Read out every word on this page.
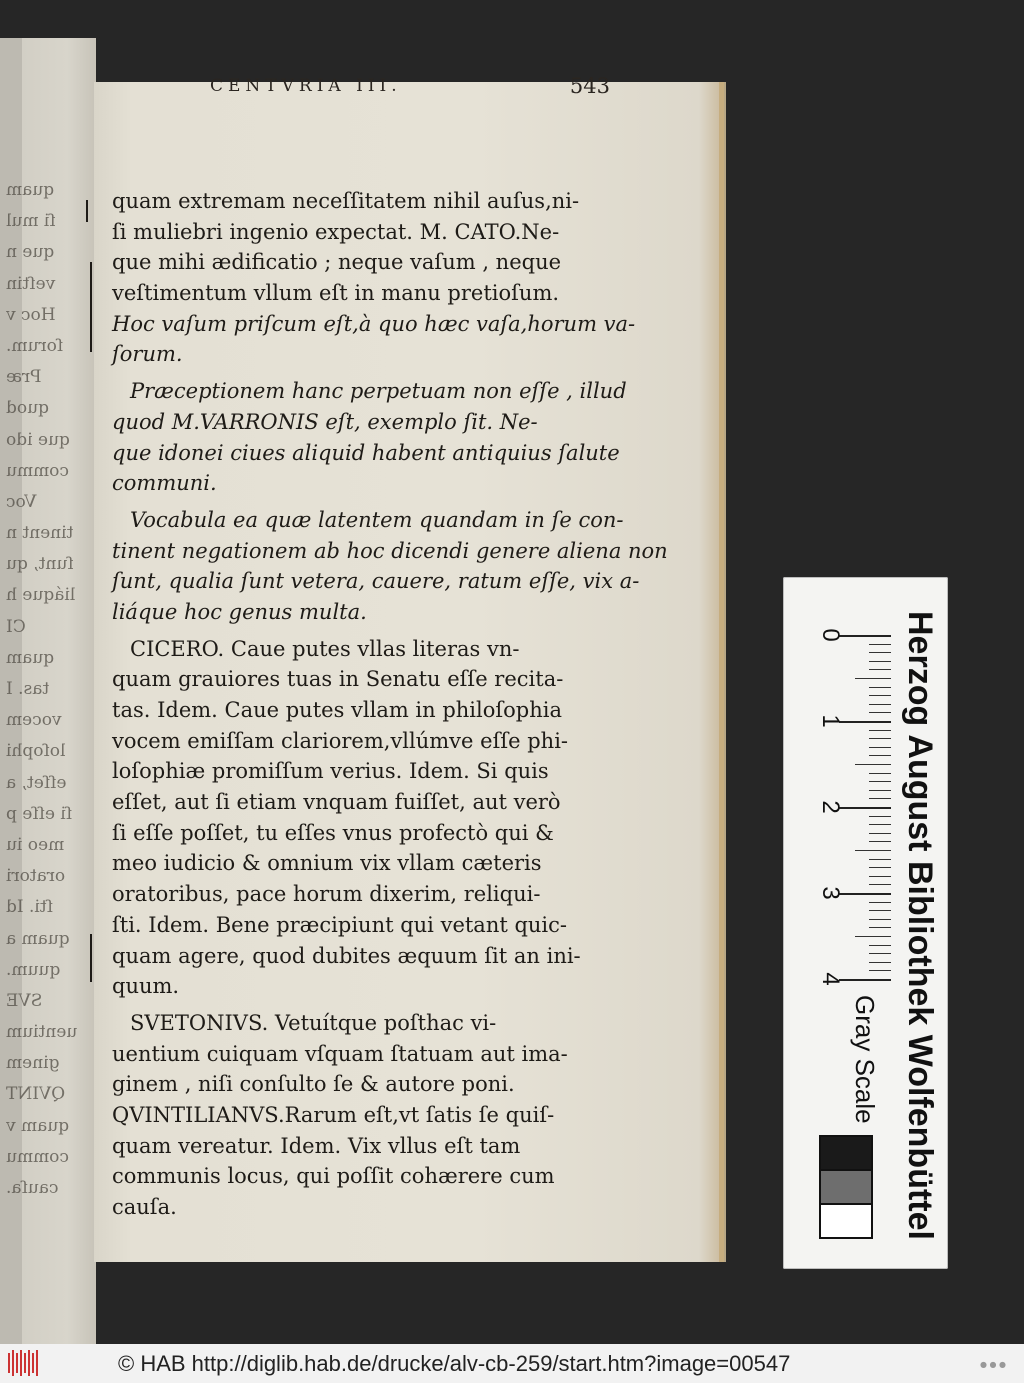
quam
ſi mul
que n
veſtin
Hoc v
ſorum.
Præ
quod
que ido
commu
Voc
tinent n
ſunt, qu
liáque h
CI
quam
tas. I
vocem
loſophi
eſſet, a
ſi eſſe p
meo iu
oratori
ſti. Id
quam a
quum.
SVE
uentium
ginem
QVINT
quam v
commu
cauſa.
CENTVRIA III.	543
quam extremam neceſſitatem nihil auſus,ni-
ſi muliebri ingenio expectat. M. CATO.Ne-
que mihi ædificatio ; neque vaſum , neque
veſtimentum vllum eſt in manu pretioſum.
Hoc vaſum priſcum eſt,à quo hæc vaſa,horum va-
ſorum.
Præceptionem hanc perpetuam non eſſe , illud
quod M.VARRONIS eſt, exemplo ſit. Ne-
que idonei ciues aliquid habent antiquius ſalute
communi.
Vocabula ea quæ latentem quandam in ſe con-
tinent negationem ab hoc dicendi genere aliena non
ſunt, qualia ſunt vetera, cauere, ratum eſſe, vix a-
liáque hoc genus multa.
CICERO. Caue putes vllas literas vn-
quam grauiores tuas in Senatu eſſe recita-
tas. Idem. Caue putes vllam in philoſophia
vocem emiſſam clariorem,vllúmve eſſe phi-
loſophiæ promiſſum verius. Idem. Si quis
eſſet, aut ſi etiam vnquam fuiſſet, aut verò
ſi eſſe poſſet, tu eſſes vnus profectò qui &
meo iudicio & omnium vix vllam cæteris
oratoribus, pace horum dixerim, reliqui-
ſti. Idem. Bene præcipiunt qui vetant quic-
quam agere, quod dubites æquum ſit an ini-
quum.
SVETONIVS. Vetuítque poſthac vi-
uentium cuiquam vſquam ſtatuam aut ima-
ginem , niſi conſulto ſe & autore poni.
QVINTILIANVS.Rarum eſt,vt ſatis ſe quiſ-
quam vereatur. Idem. Vix vllus eſt tam
communis locus, qui poſſit cohærere cum
cauſa.	Herzog August Bibliothek Wolfenbüttel
0
1
2
3
4
Gray Scale
© HAB http://diglib.hab.de/drucke/alv-cb-259/start.htm?image=00547	● ● ●
